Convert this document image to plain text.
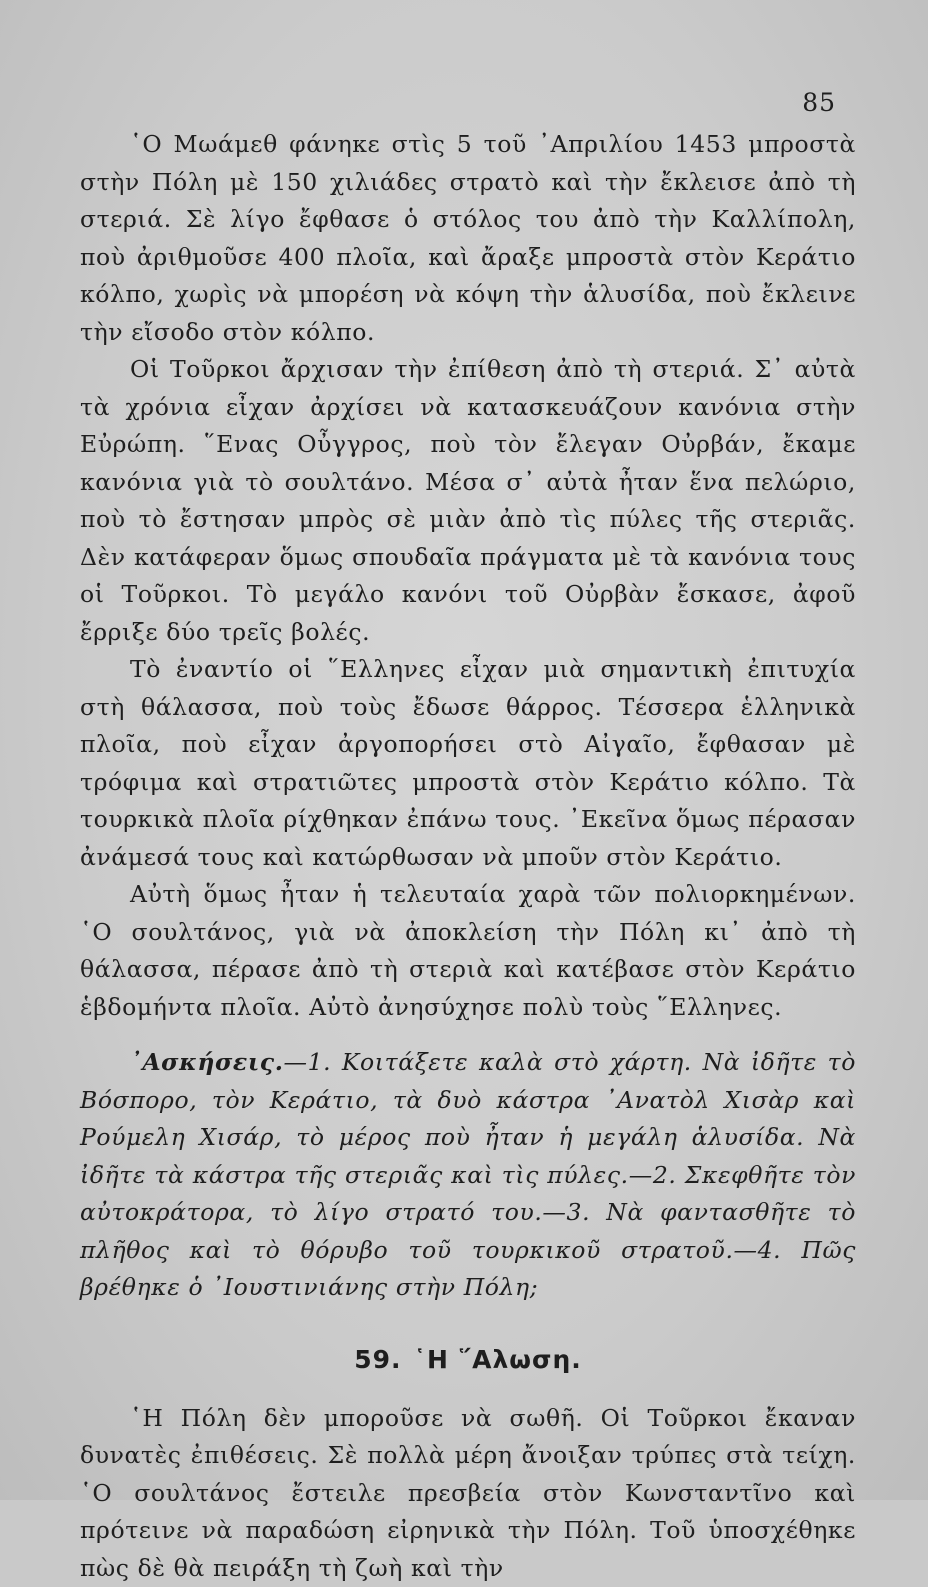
85

῾Ο Μωάμεθ φάνηκε στὶς 5 τοῦ ᾿Απριλίου 1453 μπροστὰ στὴν Πόλη μὲ 150 χιλιάδες στρατὸ καὶ τὴν ἔκλεισε ἀπὸ τὴ στεριά. Σὲ λίγο ἔφθασε ὁ στόλος του ἀπὸ τὴν Καλλίπολη, ποὺ ἀριθμοῦσε 400 πλοῖα, καὶ ἄραξε μπροστὰ στὸν Κεράτιο κόλπο, χωρὶς νὰ μπορέση νὰ κόψη τὴν ἁλυσίδα, ποὺ ἔκλεινε τὴν εἴσοδο στὸν κόλπο.

Οἱ Τοῦρκοι ἄρχισαν τὴν ἐπίθεση ἀπὸ τὴ στεριά. Σ᾿ αὐτὰ τὰ χρόνια εἶχαν ἀρχίσει νὰ κατασκευάζουν κανόνια στὴν Εὐρώπη. ῞Ενας Οὖγγρος, ποὺ τὸν ἔλεγαν Οὐρβάν, ἔκαμε κανόνια γιὰ τὸ σουλτάνο. Μέσα σ᾿ αὐτὰ ἦταν ἕνα πελώριο, ποὺ τὸ ἔστησαν μπρὸς σὲ μιὰν ἀπὸ τὶς πύλες τῆς στεριᾶς. Δὲν κατάφεραν ὅμως σπουδαῖα πράγματα μὲ τὰ κανόνια τους οἱ Τοῦρκοι. Τὸ μεγάλο κανόνι τοῦ Οὐρβὰν ἔσκασε, ἀφοῦ ἔρριξε δύο τρεῖς βολές.

Τὸ ἐναντίο οἱ ῞Ελληνες εἶχαν μιὰ σημαντικὴ ἐπιτυχία στὴ θάλασσα, ποὺ τοὺς ἔδωσε θάρρος. Τέσσερα ἑλληνικὰ πλοῖα, ποὺ εἶχαν ἀργοπορήσει στὸ Αἰγαῖο, ἔφθασαν μὲ τρόφιμα καὶ στρατιῶτες μπροστὰ στὸν Κεράτιο κόλπο. Τὰ τουρκικὰ πλοῖα ρίχθηκαν ἐπάνω τους. ᾿Εκεῖνα ὅμως πέρασαν ἀνάμεσά τους καὶ κατώρθωσαν νὰ μποῦν στὸν Κεράτιο.

Αὐτὴ ὅμως ἦταν ἡ τελευταία χαρὰ τῶν πολιορκημένων. ῾Ο σουλτάνος, γιὰ νὰ ἀποκλείση τὴν Πόλη κι᾿ ἀπὸ τὴ θάλασσα, πέρασε ἀπὸ τὴ στεριὰ καὶ κατέβασε στὸν Κεράτιο ἑβδομήντα πλοῖα. Αὐτὸ ἀνησύχησε πολὺ τοὺς ῞Ελληνες.

᾿Ασκήσεις.—1. Κοιτάξετε καλὰ στὸ χάρτη. Νὰ ἰδῆτε τὸ Βόσπορο, τὸν Κεράτιο, τὰ δυὸ κάστρα ᾿Ανατὸλ Χισὰρ καὶ Ρούμελη Χισάρ, τὸ μέρος ποὺ ἦταν ἡ μεγάλη ἁλυσίδα. Νὰ ἰδῆτε τὰ κάστρα τῆς στεριᾶς καὶ τὶς πύλες.—2. Σκεφθῆτε τὸν αὐτοκράτορα, τὸ λίγο στρατό του.—3. Νὰ φαντασθῆτε τὸ πλῆθος καὶ τὸ θόρυβο τοῦ τουρκικοῦ στρατοῦ.—4. Πῶς βρέθηκε ὁ ᾿Ιουστινιάνης στὴν Πόλη;

59. ῾Η ῞Αλωση.

῾Η Πόλη δὲν μποροῦσε νὰ σωθῆ. Οἱ Τοῦρκοι ἔκαναν δυνατὲς ἐπιθέσεις. Σὲ πολλὰ μέρη ἄνοιξαν τρύπες στὰ τείχη. ῾Ο σουλτάνος ἔστειλε πρεσβεία στὸν Κωνσταντῖνο καὶ πρότεινε νὰ παραδώση εἰρηνικὰ τὴν Πόλη. Τοῦ ὑποσχέθηκε πὼς δὲ θὰ πειράξη τὴ ζωὴ καὶ τὴν
